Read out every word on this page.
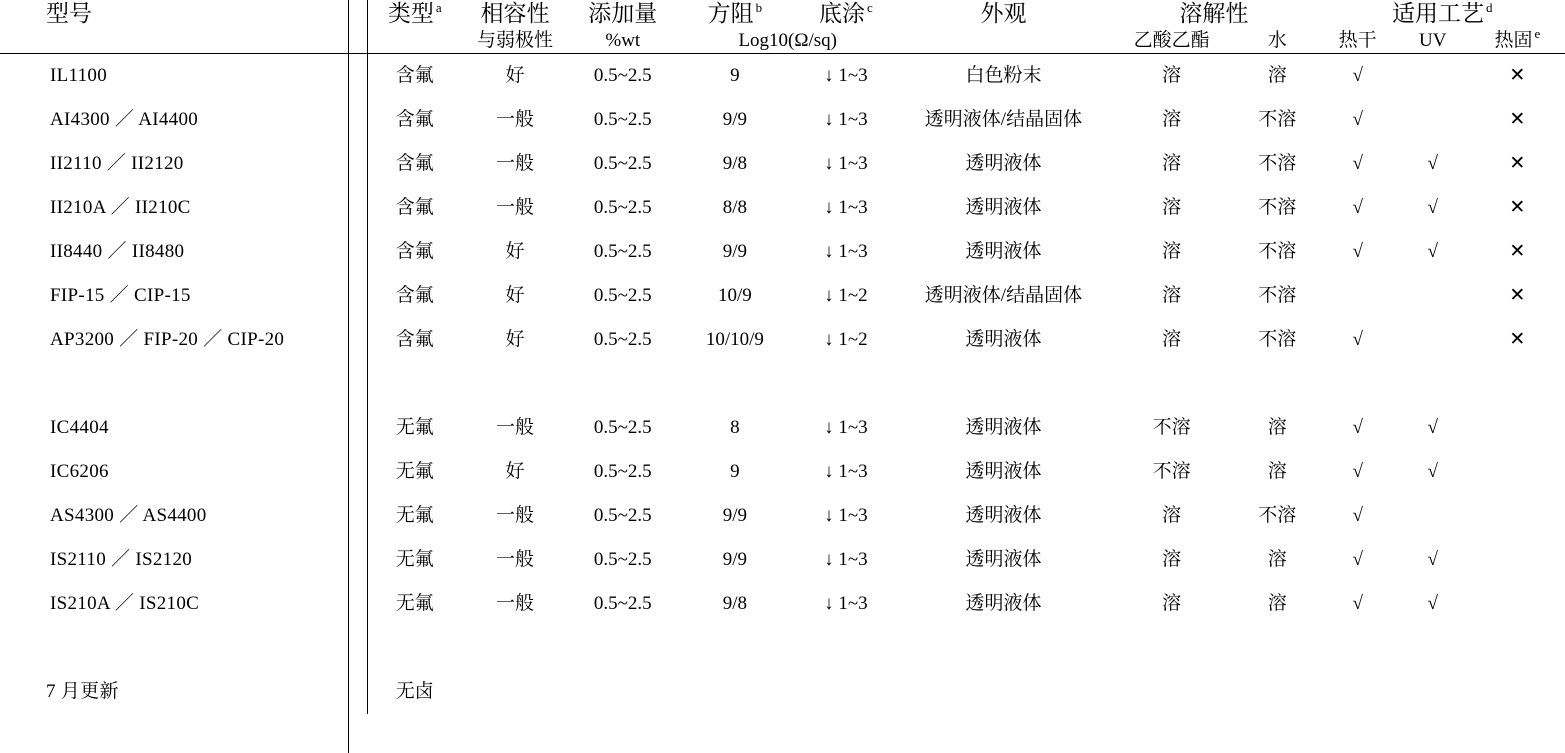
型号	类型 $^a$	相容性	添加量	方阻 $^b$	底涂 $^c$	外观	溶解性		适用工艺 $^d$
		与弱极性	%wt	Log10(Ω/sq)			乙酸乙酯	水	热干	UV	热固 $^e$
IL1100	含氟	好	0.5~2.5	9	↓ 1~3	白色粉末	溶	溶	√		✕
AI4300 ／ AI4400	含氟	一般	0.5~2.5	9/9	↓ 1~3	透明液体/结晶固体	溶	不溶	√		✕
II2110 ／ II2120	含氟	一般	0.5~2.5	9/8	↓ 1~3	透明液体	溶	不溶	√	√	✕
II210A ／ II210C	含氟	一般	0.5~2.5	8/8	↓ 1~3	透明液体	溶	不溶	√	√	✕
II8440 ／ II8480	含氟	好	0.5~2.5	9/9	↓ 1~3	透明液体	溶	不溶	√	√	✕
FIP-15 ／ CIP-15	含氟	好	0.5~2.5	10/9	↓ 1~2	透明液体/结晶固体	溶	不溶			✕
AP3200 ／ FIP-20 ／ CIP-20	含氟	好	0.5~2.5	10/10/9	↓ 1~2	透明液体	溶	不溶	√		✕

IC4404	无氟	一般	0.5~2.5	8	↓ 1~3	透明液体	不溶	溶	√	√	
IC6206	无氟	好	0.5~2.5	9	↓ 1~3	透明液体	不溶	溶	√	√	
AS4300 ／ AS4400	无氟	一般	0.5~2.5	9/9	↓ 1~3	透明液体	溶	不溶	√		
IS2110 ／ IS2120	无氟	一般	0.5~2.5	9/9	↓ 1~3	透明液体	溶	溶	√	√	
IS210A ／ IS210C	无氟	一般	0.5~2.5	9/8	↓ 1~3	透明液体	溶	溶	√	√	

7 月更新	无卤										
